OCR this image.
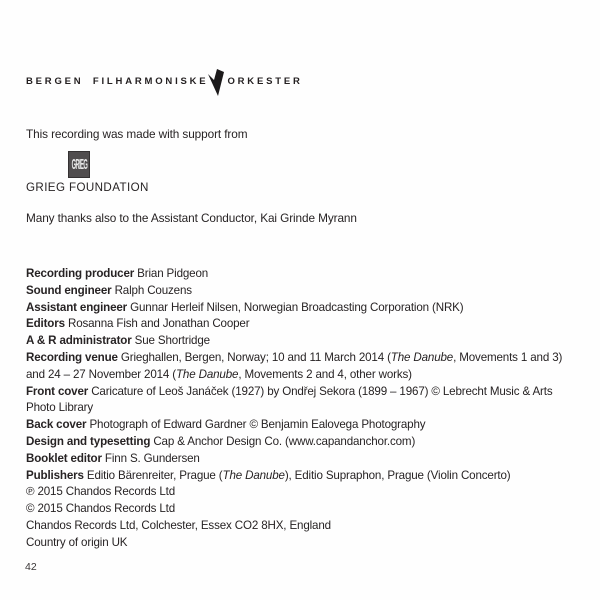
BERGEN FILHARMONISKE ORKESTER
This recording was made with support from
GRIEG
GRIEG FOUNDATION
Many thanks also to the Assistant Conductor, Kai Grinde Myrann
Recording producer Brian Pidgeon
Sound engineer Ralph Couzens
Assistant engineer Gunnar Herleif Nilsen, Norwegian Broadcasting Corporation (NRK)
Editors Rosanna Fish and Jonathan Cooper
A & R administrator Sue Shortridge
Recording venue Grieghallen, Bergen, Norway; 10 and 11 March 2014 (The Danube, Movements 1 and 3) and 24 – 27 November 2014 (The Danube, Movements 2 and 4, other works)
Front cover Caricature of Leoš Janáček (1927) by Ondřej Sekora (1899 – 1967) © Lebrecht Music & Arts Photo Library
Back cover Photograph of Edward Gardner © Benjamin Ealovega Photography
Design and typesetting Cap & Anchor Design Co. (www.capandanchor.com)
Booklet editor Finn S. Gundersen
Publishers Editio Bärenreiter, Prague (The Danube), Editio Supraphon, Prague (Violin Concerto)
℗ 2015 Chandos Records Ltd
© 2015 Chandos Records Ltd
Chandos Records Ltd, Colchester, Essex CO2 8HX, England
Country of origin UK
42
